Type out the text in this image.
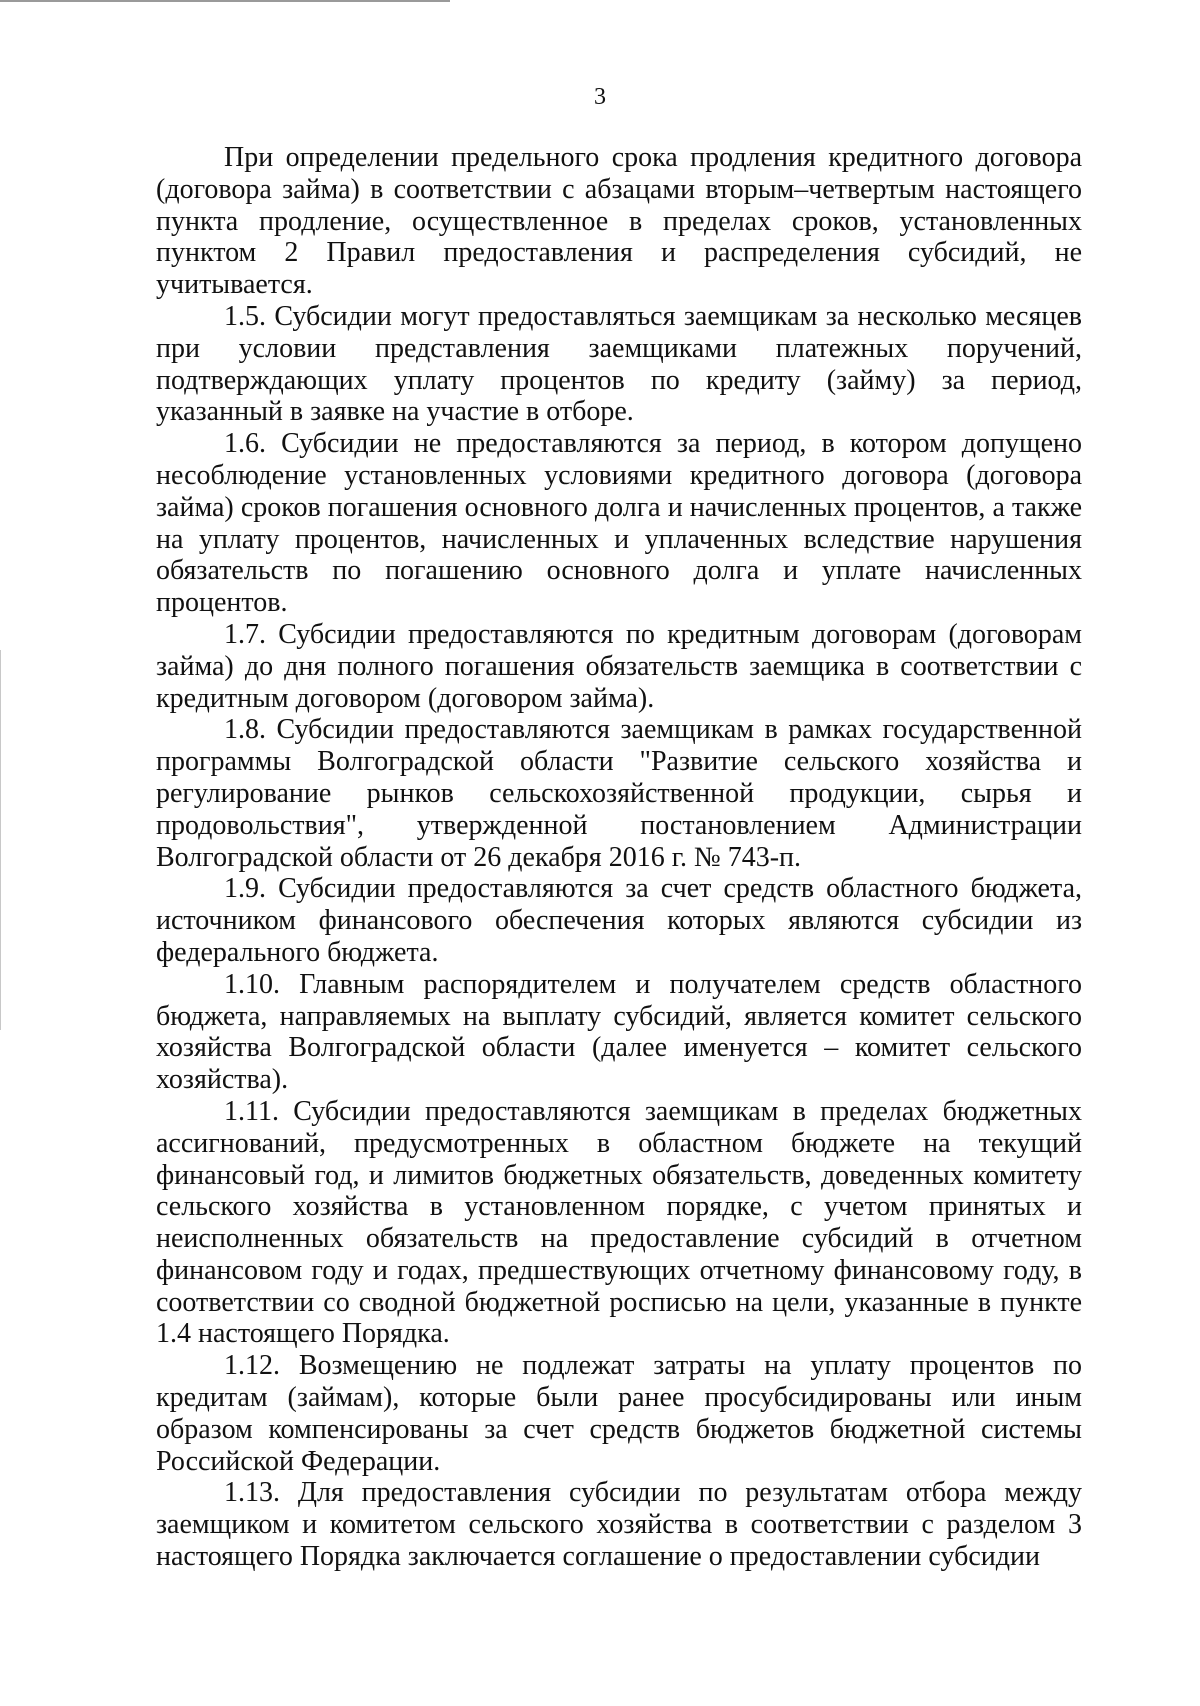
3

При определении предельного срока продления кредитного договора (договора займа) в соответствии с абзацами вторым–четвертым настоящего пункта продление, осуществленное в пределах сроков, установленных пунктом 2 Правил предоставления и распределения субсидий, не учитывается.

1.5. Субсидии могут предоставляться заемщикам за несколько месяцев при условии представления заемщиками платежных поручений, подтверждающих уплату процентов по кредиту (займу) за период, указанный в заявке на участие в отборе.

1.6. Субсидии не предоставляются за период, в котором допущено несоблюдение установленных условиями кредитного договора (договора займа) сроков погашения основного долга и начисленных процентов, а также на уплату процентов, начисленных и уплаченных вследствие нарушения обязательств по погашению основного долга и уплате начисленных процентов.

1.7. Субсидии предоставляются по кредитным договорам (договорам займа) до дня полного погашения обязательств заемщика в соответствии с кредитным договором (договором займа).

1.8. Субсидии предоставляются заемщикам в рамках государственной программы Волгоградской области "Развитие сельского хозяйства и регулирование рынков сельскохозяйственной продукции, сырья и продовольствия", утвержденной постановлением Администрации Волгоградской области от 26 декабря 2016 г. № 743-п.

1.9. Субсидии предоставляются за счет средств областного бюджета, источником финансового обеспечения которых являются субсидии из федерального бюджета.

1.10. Главным распорядителем и получателем средств областного бюджета, направляемых на выплату субсидий, является комитет сельского хозяйства Волгоградской области (далее именуется – комитет сельского хозяйства).

1.11. Субсидии предоставляются заемщикам в пределах бюджетных ассигнований, предусмотренных в областном бюджете на текущий финансовый год, и лимитов бюджетных обязательств, доведенных комитету сельского хозяйства в установленном порядке, с учетом принятых и неисполненных обязательств на предоставление субсидий в отчетном финансовом году и годах, предшествующих отчетному финансовому году, в соответствии со сводной бюджетной росписью на цели, указанные в пункте 1.4 настоящего Порядка.

1.12. Возмещению не подлежат затраты на уплату процентов по кредитам (займам), которые были ранее просубсидированы или иным образом компенсированы за счет средств бюджетов бюджетной системы Российской Федерации.

1.13. Для предоставления субсидии по результатам отбора между заемщиком и комитетом сельского хозяйства в соответствии с разделом 3 настоящего Порядка заключается соглашение о предоставлении субсидии
